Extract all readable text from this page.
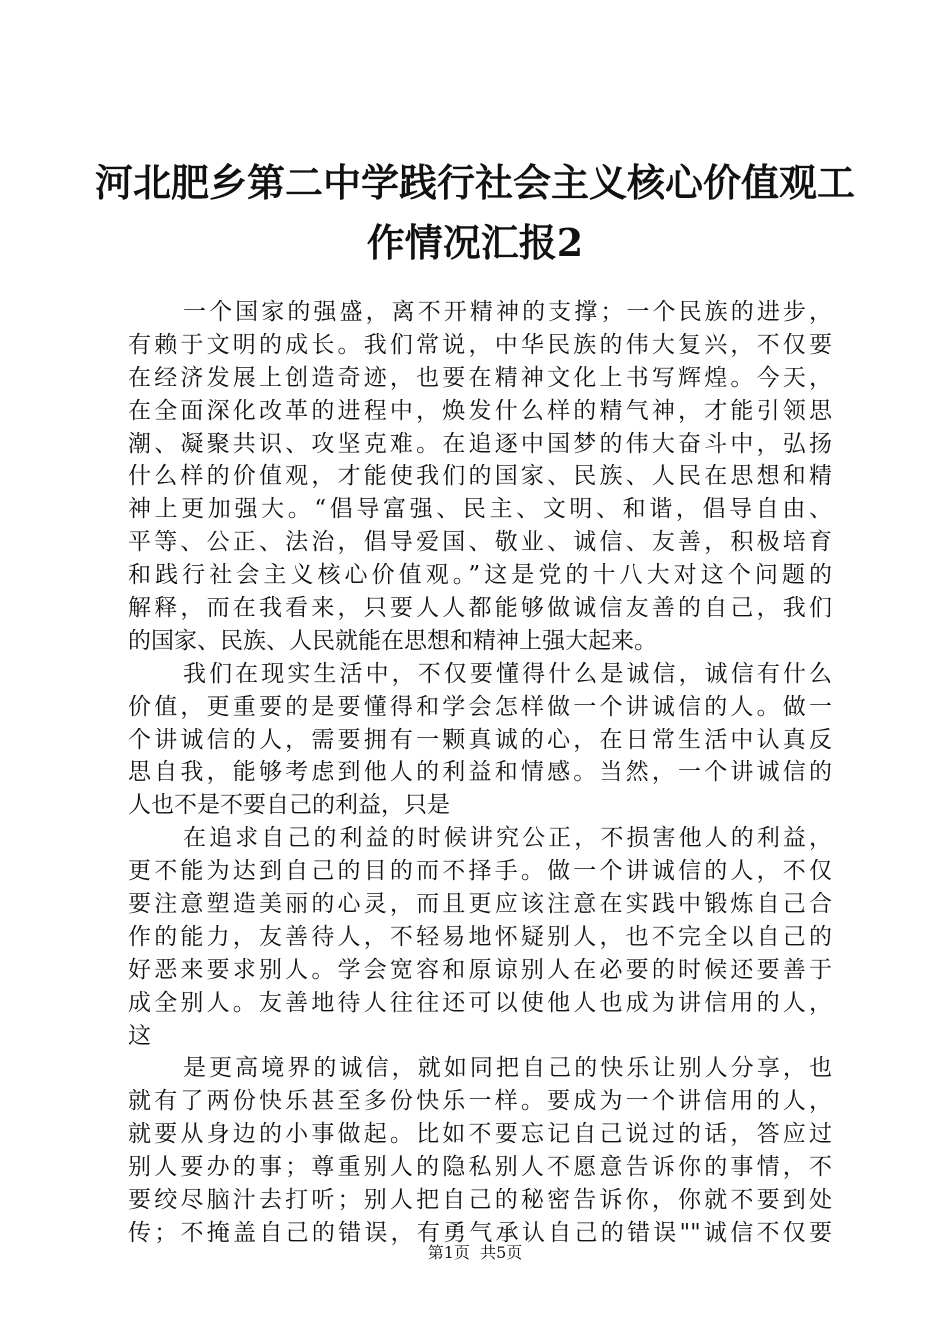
河北肥乡第二中学践行社会主义核心价值观工
作情况汇报2
一个国家的强盛，离不开精神的支撑；一个民族的进步，
有赖于文明的成长。我们常说，中华民族的伟大复兴，不仅要
在经济发展上创造奇迹，也要在精神文化上书写辉煌。今天，
在全面深化改革的进程中，焕发什么样的精气神，才能引领思
潮、凝聚共识、攻坚克难。在追逐中国梦的伟大奋斗中，弘扬
什么样的价值观，才能使我们的国家、民族、人民在思想和精
神上更加强大。“倡导富强、民主、文明、和谐，倡导自由、
平等、公正、法治，倡导爱国、敬业、诚信、友善，积极培育
和践行社会主义核心价值观。”这是党的十八大对这个问题的
解释，而在我看来，只要人人都能够做诚信友善的自己，我们
的国家、民族、人民就能在思想和精神上强大起来。
我们在现实生活中，不仅要懂得什么是诚信，诚信有什么
价值，更重要的是要懂得和学会怎样做一个讲诚信的人。做一
个讲诚信的人，需要拥有一颗真诚的心，在日常生活中认真反
思自我，能够考虑到他人的利益和情感。当然，一个讲诚信的
人也不是不要自己的利益，只是
在追求自己的利益的时候讲究公正，不损害他人的利益，
更不能为达到自己的目的而不择手。做一个讲诚信的人，不仅
要注意塑造美丽的心灵，而且更应该注意在实践中锻炼自己合
作的能力，友善待人，不轻易地怀疑别人，也不完全以自己的
好恶来要求别人。学会宽容和原谅别人在必要的时候还要善于
成全别人。友善地待人往往还可以使他人也成为讲信用的人，
这
是更高境界的诚信，就如同把自己的快乐让别人分享，也
就有了两份快乐甚至多份快乐一样。要成为一个讲信用的人，
就要从身边的小事做起。比如不要忘记自己说过的话，答应过
别人要办的事；尊重别人的隐私别人不愿意告诉你的事情，不
要绞尽脑汁去打听；别人把自己的秘密告诉你，你就不要到处
传；不掩盖自己的错误，有勇气承认自己的错误""诚信不仅要
第1页  共5页
